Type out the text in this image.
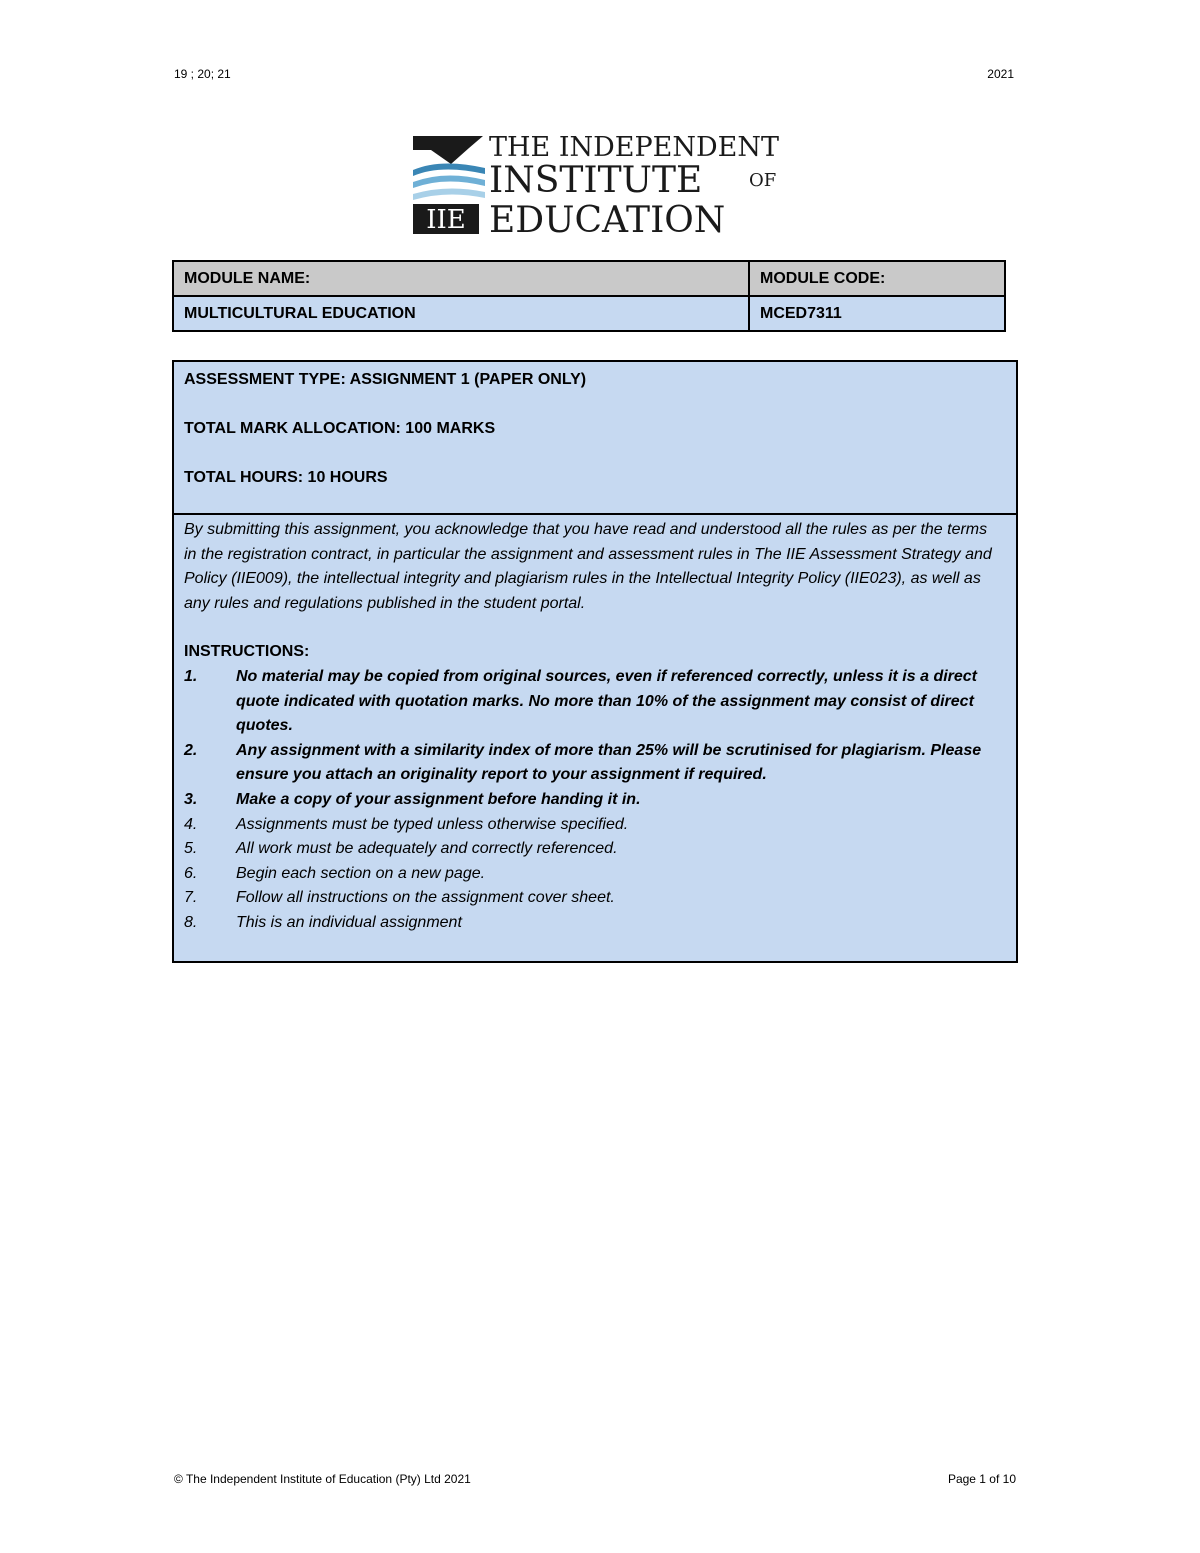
19 ; 20; 21	2021
IIE
THE INDEPENDENT
INSTITUTE	OF
EDUCATION
MODULE NAME:	MODULE CODE:
MULTICULTURAL EDUCATION	MCED7311
ASSESSMENT TYPE: ASSIGNMENT 1 (PAPER ONLY)
TOTAL MARK ALLOCATION: 100 MARKS
TOTAL HOURS: 10 HOURS

By submitting this assignment, you acknowledge that you have read and understood all the rules as per the terms in the registration contract, in particular the assignment and assessment rules in The IIE Assessment Strategy and Policy (IIE009), the intellectual integrity and plagiarism rules in the Intellectual Integrity Policy (IIE023), as well as any rules and regulations published in the student portal.

INSTRUCTIONS:
1.	No material may be copied from original sources, even if referenced correctly, unless it is a direct quote indicated with quotation marks. No more than 10% of the assignment may consist of direct quotes.
2.	Any assignment with a similarity index of more than 25% will be scrutinised for plagiarism. Please ensure you attach an originality report to your assignment if required.
3.	Make a copy of your assignment before handing it in.
4.	Assignments must be typed unless otherwise specified.
5.	All work must be adequately and correctly referenced.
6.	Begin each section on a new page.
7.	Follow all instructions on the assignment cover sheet.
8.	This is an individual assignment
© The Independent Institute of Education (Pty) Ltd 2021	Page 1 of 10
